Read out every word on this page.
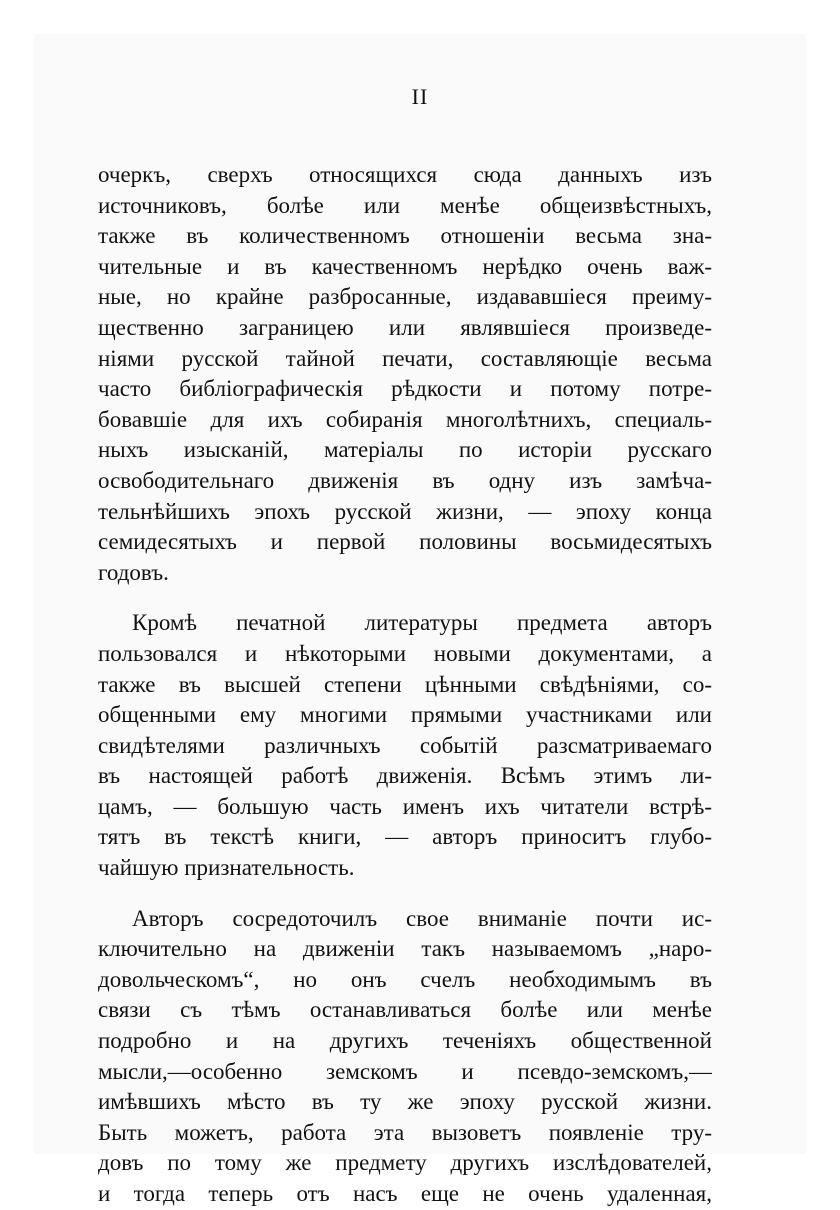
II

очеркъ, сверхъ относящихся сюда данныхъ изъ
источниковъ, болѣе или менѣе общеизвѣстныхъ,
также въ количественномъ отношенiи весьма зна-
чительные и въ качественномъ нерѣдко очень важ-
ные, но крайне разбросанные, издававшiеся преиму-
щественно заграницею или являвшiеся произведе-
нiями русской тайной печати, составляющiе весьма
часто библiографическiя рѣдкости и потому потре-
бовавшiе для ихъ собиранiя многолѣтнихъ, специаль-
ныхъ изысканiй, матерiалы по исторiи русскаго
освободительнаго движенiя въ одну изъ замѣча-
тельнѣйшихъ эпохъ русской жизни, — эпоху конца
семидесятыхъ и первой половины восьмидесятыхъ
годовъ.

Кромѣ печатной литературы предмета авторъ
пользовался и нѣкоторыми новыми документами, а
также въ высшей степени цѣнными свѣдѣнiями, со-
общенными ему многими прямыми участниками или
свидѣтелями различныхъ событiй разсматриваемаго
въ настоящей работѣ движенiя. Всѣмъ этимъ ли-
цамъ, — большую часть именъ ихъ читатели встрѣ-
тятъ въ текстѣ книги, — авторъ приноситъ глубо-
чайшую признательность.

Авторъ сосредоточилъ свое вниманiе почти ис-
ключительно на движенiи такъ называемомъ „наро-
довольческомъ“, но онъ счелъ необходимымъ въ
связи съ тѣмъ останавливаться болѣе или менѣе
подробно и на другихъ теченiяхъ общественной
мысли,—особенно земскомъ и псевдо-земскомъ,—
имѣвшихъ мѣсто въ ту же эпоху русской жизни.
Быть можетъ, работа эта вызоветъ появленiе тру-
довъ по тому же предмету другихъ изслѣдователей,
и тогда теперь отъ насъ еще не очень удаленная,
